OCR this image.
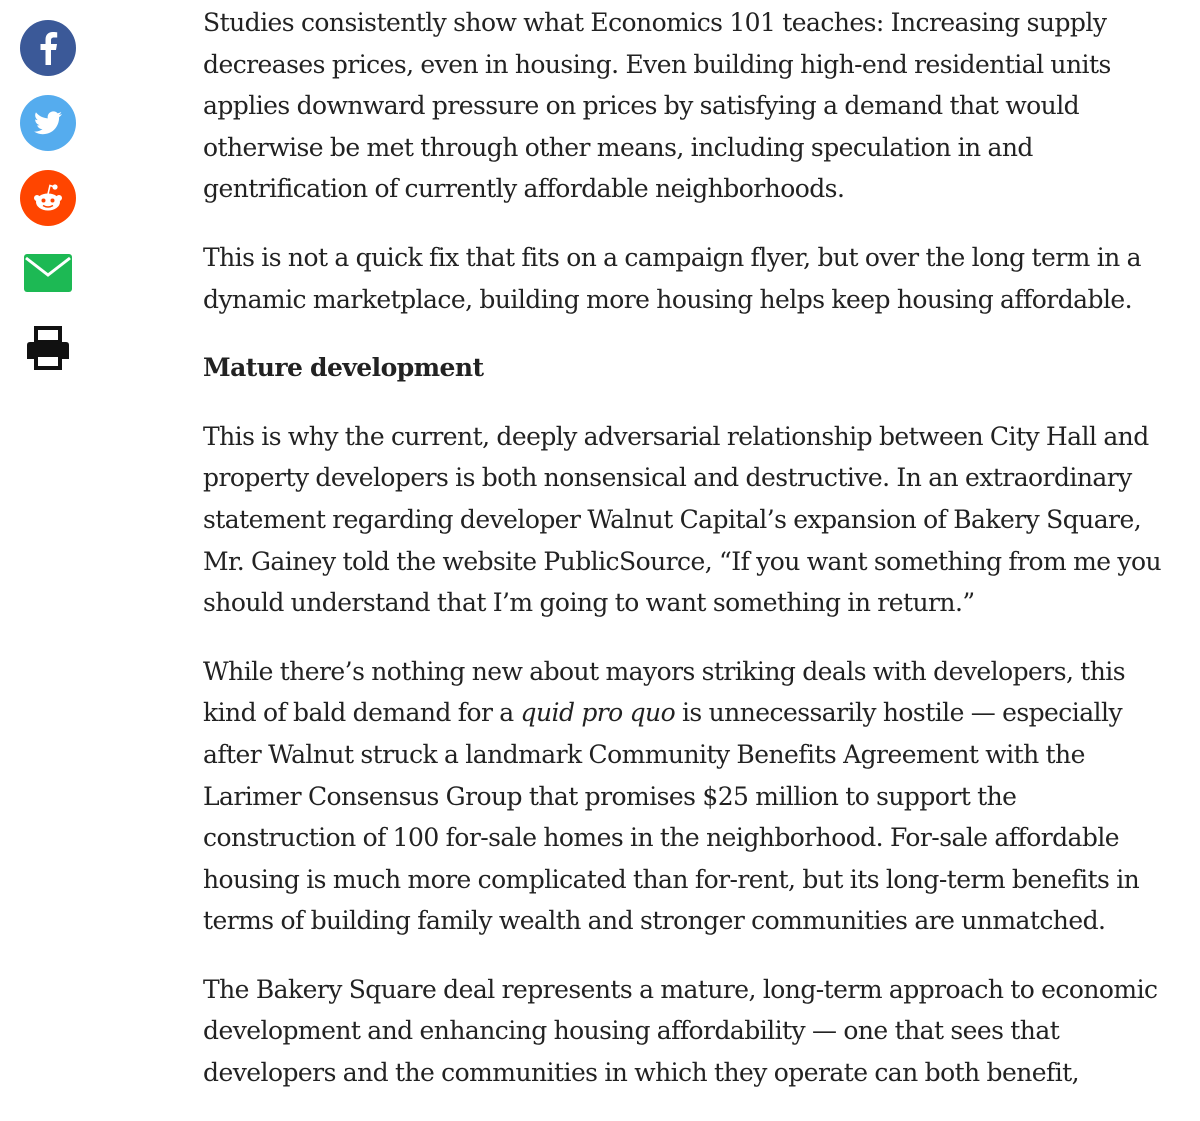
Studies consistently show what Economics 101 teaches: Increasing supply decreases prices, even in housing. Even building high-end residential units applies downward pressure on prices by satisfying a demand that would otherwise be met through other means, including speculation in and gentrification of currently affordable neighborhoods.

This is not a quick fix that fits on a campaign flyer, but over the long term in a dynamic marketplace, building more housing helps keep housing affordable.

Mature development

This is why the current, deeply adversarial relationship between City Hall and property developers is both nonsensical and destructive. In an extraordinary statement regarding developer Walnut Capital’s expansion of Bakery Square, Mr. Gainey told the website PublicSource, “If you want something from me you should understand that I’m going to want something in return.”

While there’s nothing new about mayors striking deals with developers, this kind of bald demand for a quid pro quo is unnecessarily hostile — especially after Walnut struck a landmark Community Benefits Agreement with the Larimer Consensus Group that promises $25 million to support the construction of 100 for-sale homes in the neighborhood. For-sale affordable housing is much more complicated than for-rent, but its long-term benefits in terms of building family wealth and stronger communities are unmatched.

The Bakery Square deal represents a mature, long-term approach to economic development and enhancing housing affordability — one that sees that developers and the communities in which they operate can both benefit,
